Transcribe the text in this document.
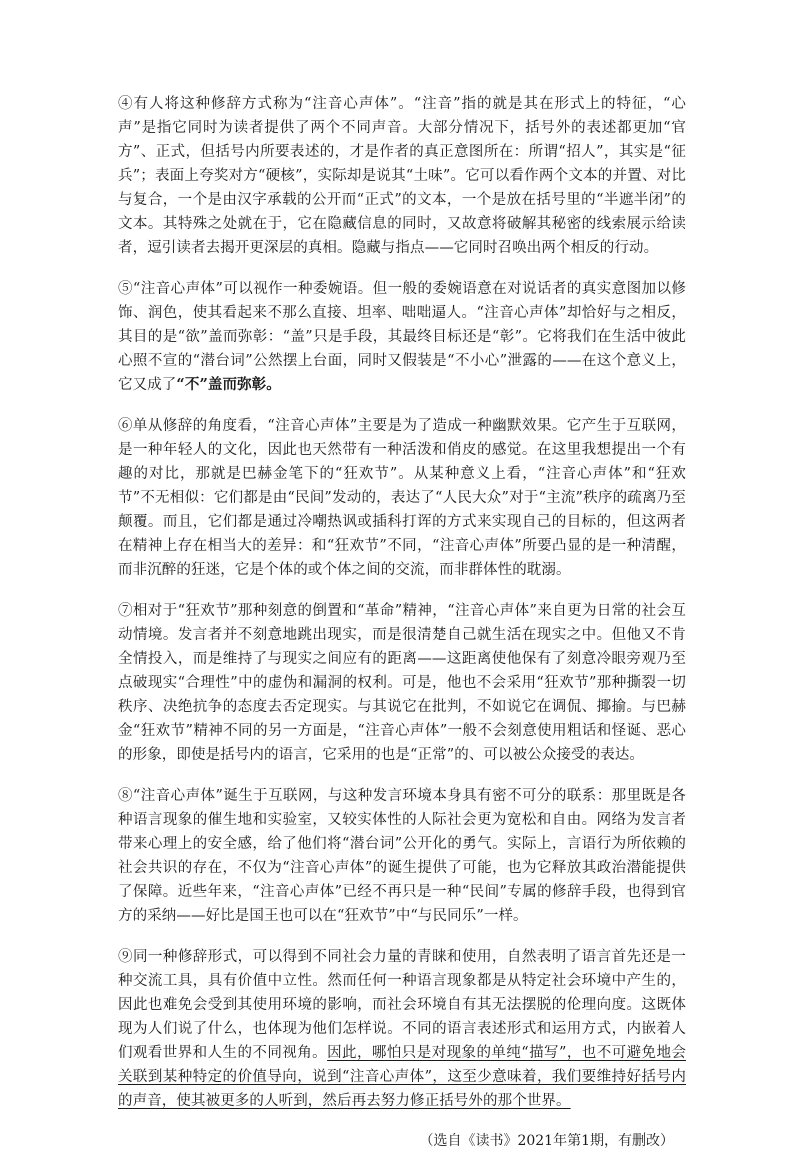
④有人将这种修辞方式称为“注音心声体”。“注音”指的就是其在形式上的特征，“心声”是指它同时为读者提供了两个不同声音。大部分情况下，括号外的表述都更加“官方”、正式，但括号内所要表述的，才是作者的真正意图所在：所谓“招人”，其实是“征兵”；表面上夸奖对方“硬核”，实际却是说其“土味”。它可以看作两个文本的并置、对比与复合，一个是由汉字承载的公开而“正式”的文本，一个是放在括号里的“半遮半闭”的文本。其特殊之处就在于，它在隐藏信息的同时，又故意将破解其秘密的线索展示给读者，逗引读者去揭开更深层的真相。隐藏与指点——它同时召唤出两个相反的行动。

⑤“注音心声体”可以视作一种委婉语。但一般的委婉语意在对说话者的真实意图加以修饰、润色，使其看起来不那么直接、坦率、咄咄逼人。“注音心声体”却恰好与之相反，其目的是“欲”盖而弥彰：“盖”只是手段，其最终目标还是“彰”。它将我们在生活中彼此心照不宣的“潜台词”公然摆上台面，同时又假装是“不小心”泄露的——在这个意义上，它又成了“不”盖而弥彰。

⑥单从修辞的角度看，“注音心声体”主要是为了造成一种幽默效果。它产生于互联网，是一种年轻人的文化，因此也天然带有一种活泼和俏皮的感觉。在这里我想提出一个有趣的对比，那就是巴赫金笔下的“狂欢节”。从某种意义上看，“注音心声体”和“狂欢节”不无相似：它们都是由“民间”发动的，表达了“人民大众”对于“主流”秩序的疏离乃至颠覆。而且，它们都是通过冷嘲热讽或插科打诨的方式来实现自己的目标的，但这两者在精神上存在相当大的差异：和“狂欢节”不同，“注音心声体”所要凸显的是一种清醒，而非沉醉的狂迷，它是个体的或个体之间的交流，而非群体性的耽溺。

⑦相对于“狂欢节”那种刻意的倒置和“革命”精神，“注音心声体”来自更为日常的社会互动情境。发言者并不刻意地跳出现实，而是很清楚自己就生活在现实之中。但他又不肯全情投入，而是维持了与现实之间应有的距离——这距离使他保有了刻意冷眼旁观乃至点破现实“合理性”中的虚伪和漏洞的权利。可是，他也不会采用“狂欢节”那种撕裂一切秩序、决绝抗争的态度去否定现实。与其说它在批判，不如说它在调侃、揶揄。与巴赫金“狂欢节”精神不同的另一方面是，“注音心声体”一般不会刻意使用粗话和怪诞、恶心的形象，即使是括号内的语言，它采用的也是“正常”的、可以被公众接受的表达。

⑧“注音心声体”诞生于互联网，与这种发言环境本身具有密不可分的联系：那里既是各种语言现象的催生地和实验室，又较实体性的人际社会更为宽松和自由。网络为发言者带来心理上的安全感，给了他们将“潜台词”公开化的勇气。实际上，言语行为所依赖的社会共识的存在，不仅为“注音心声体”的诞生提供了可能，也为它释放其政治潜能提供了保障。近些年来，“注音心声体”已经不再只是一种“民间”专属的修辞手段，也得到官方的采纳——好比是国王也可以在“狂欢节”中“与民同乐”一样。

⑨同一种修辞形式，可以得到不同社会力量的青睐和使用，自然表明了语言首先还是一种交流工具，具有价值中立性。然而任何一种语言现象都是从特定社会环境中产生的，因此也难免会受到其使用环境的影响，而社会环境自有其无法摆脱的伦理向度。这既体现为人们说了什么，也体现为他们怎样说。不同的语言表述形式和运用方式，内嵌着人们观看世界和人生的不同视角。因此，哪怕只是对现象的单纯“描写”，也不可避免地会关联到某种特定的价值导向，说到“注音心声体”，这至少意味着，我们要维持好括号内的声音，使其被更多的人听到，然后再去努力修正括号外的那个世界。

（选自《读书》2021年第1期，有删改）
